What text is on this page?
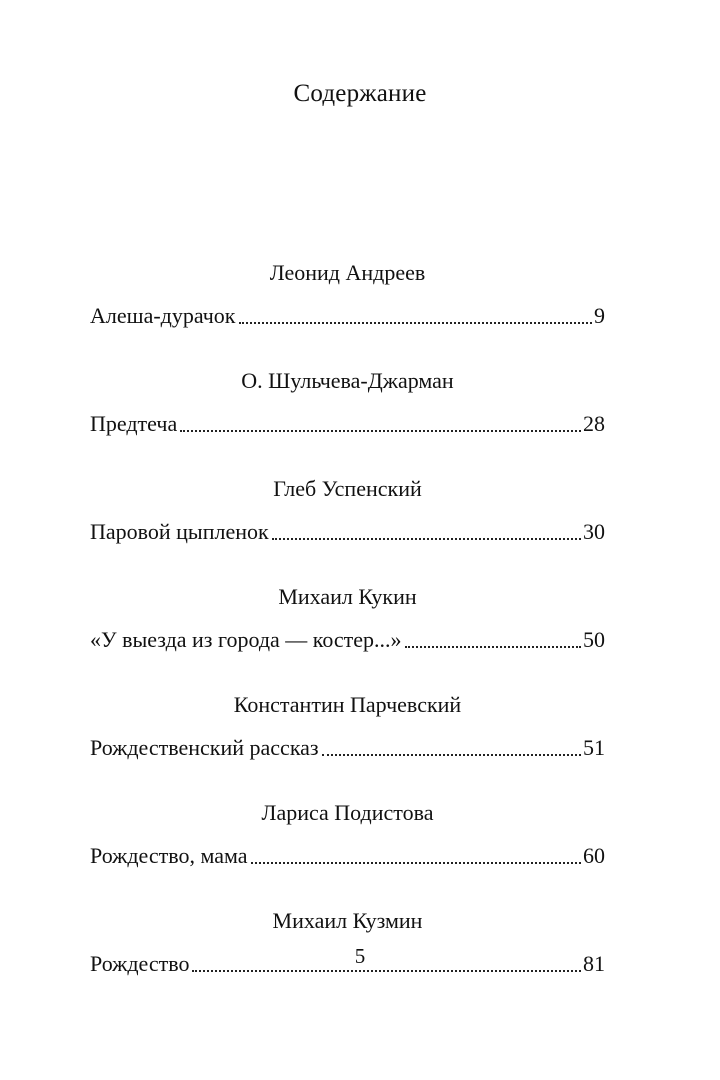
Содержание
Леонид Андреев
Алеша-дурачок	9
О. Шульчева-Джарман
Предтеча	28
Глеб Успенский
Паровой цыпленок	30
Михаил Кукин
«У выезда из города — костер...»	50
Константин Парчевский
Рождественский рассказ	51
Лариса Подистова
Рождество, мама	60
Михаил Кузмин
Рождество	81
5
